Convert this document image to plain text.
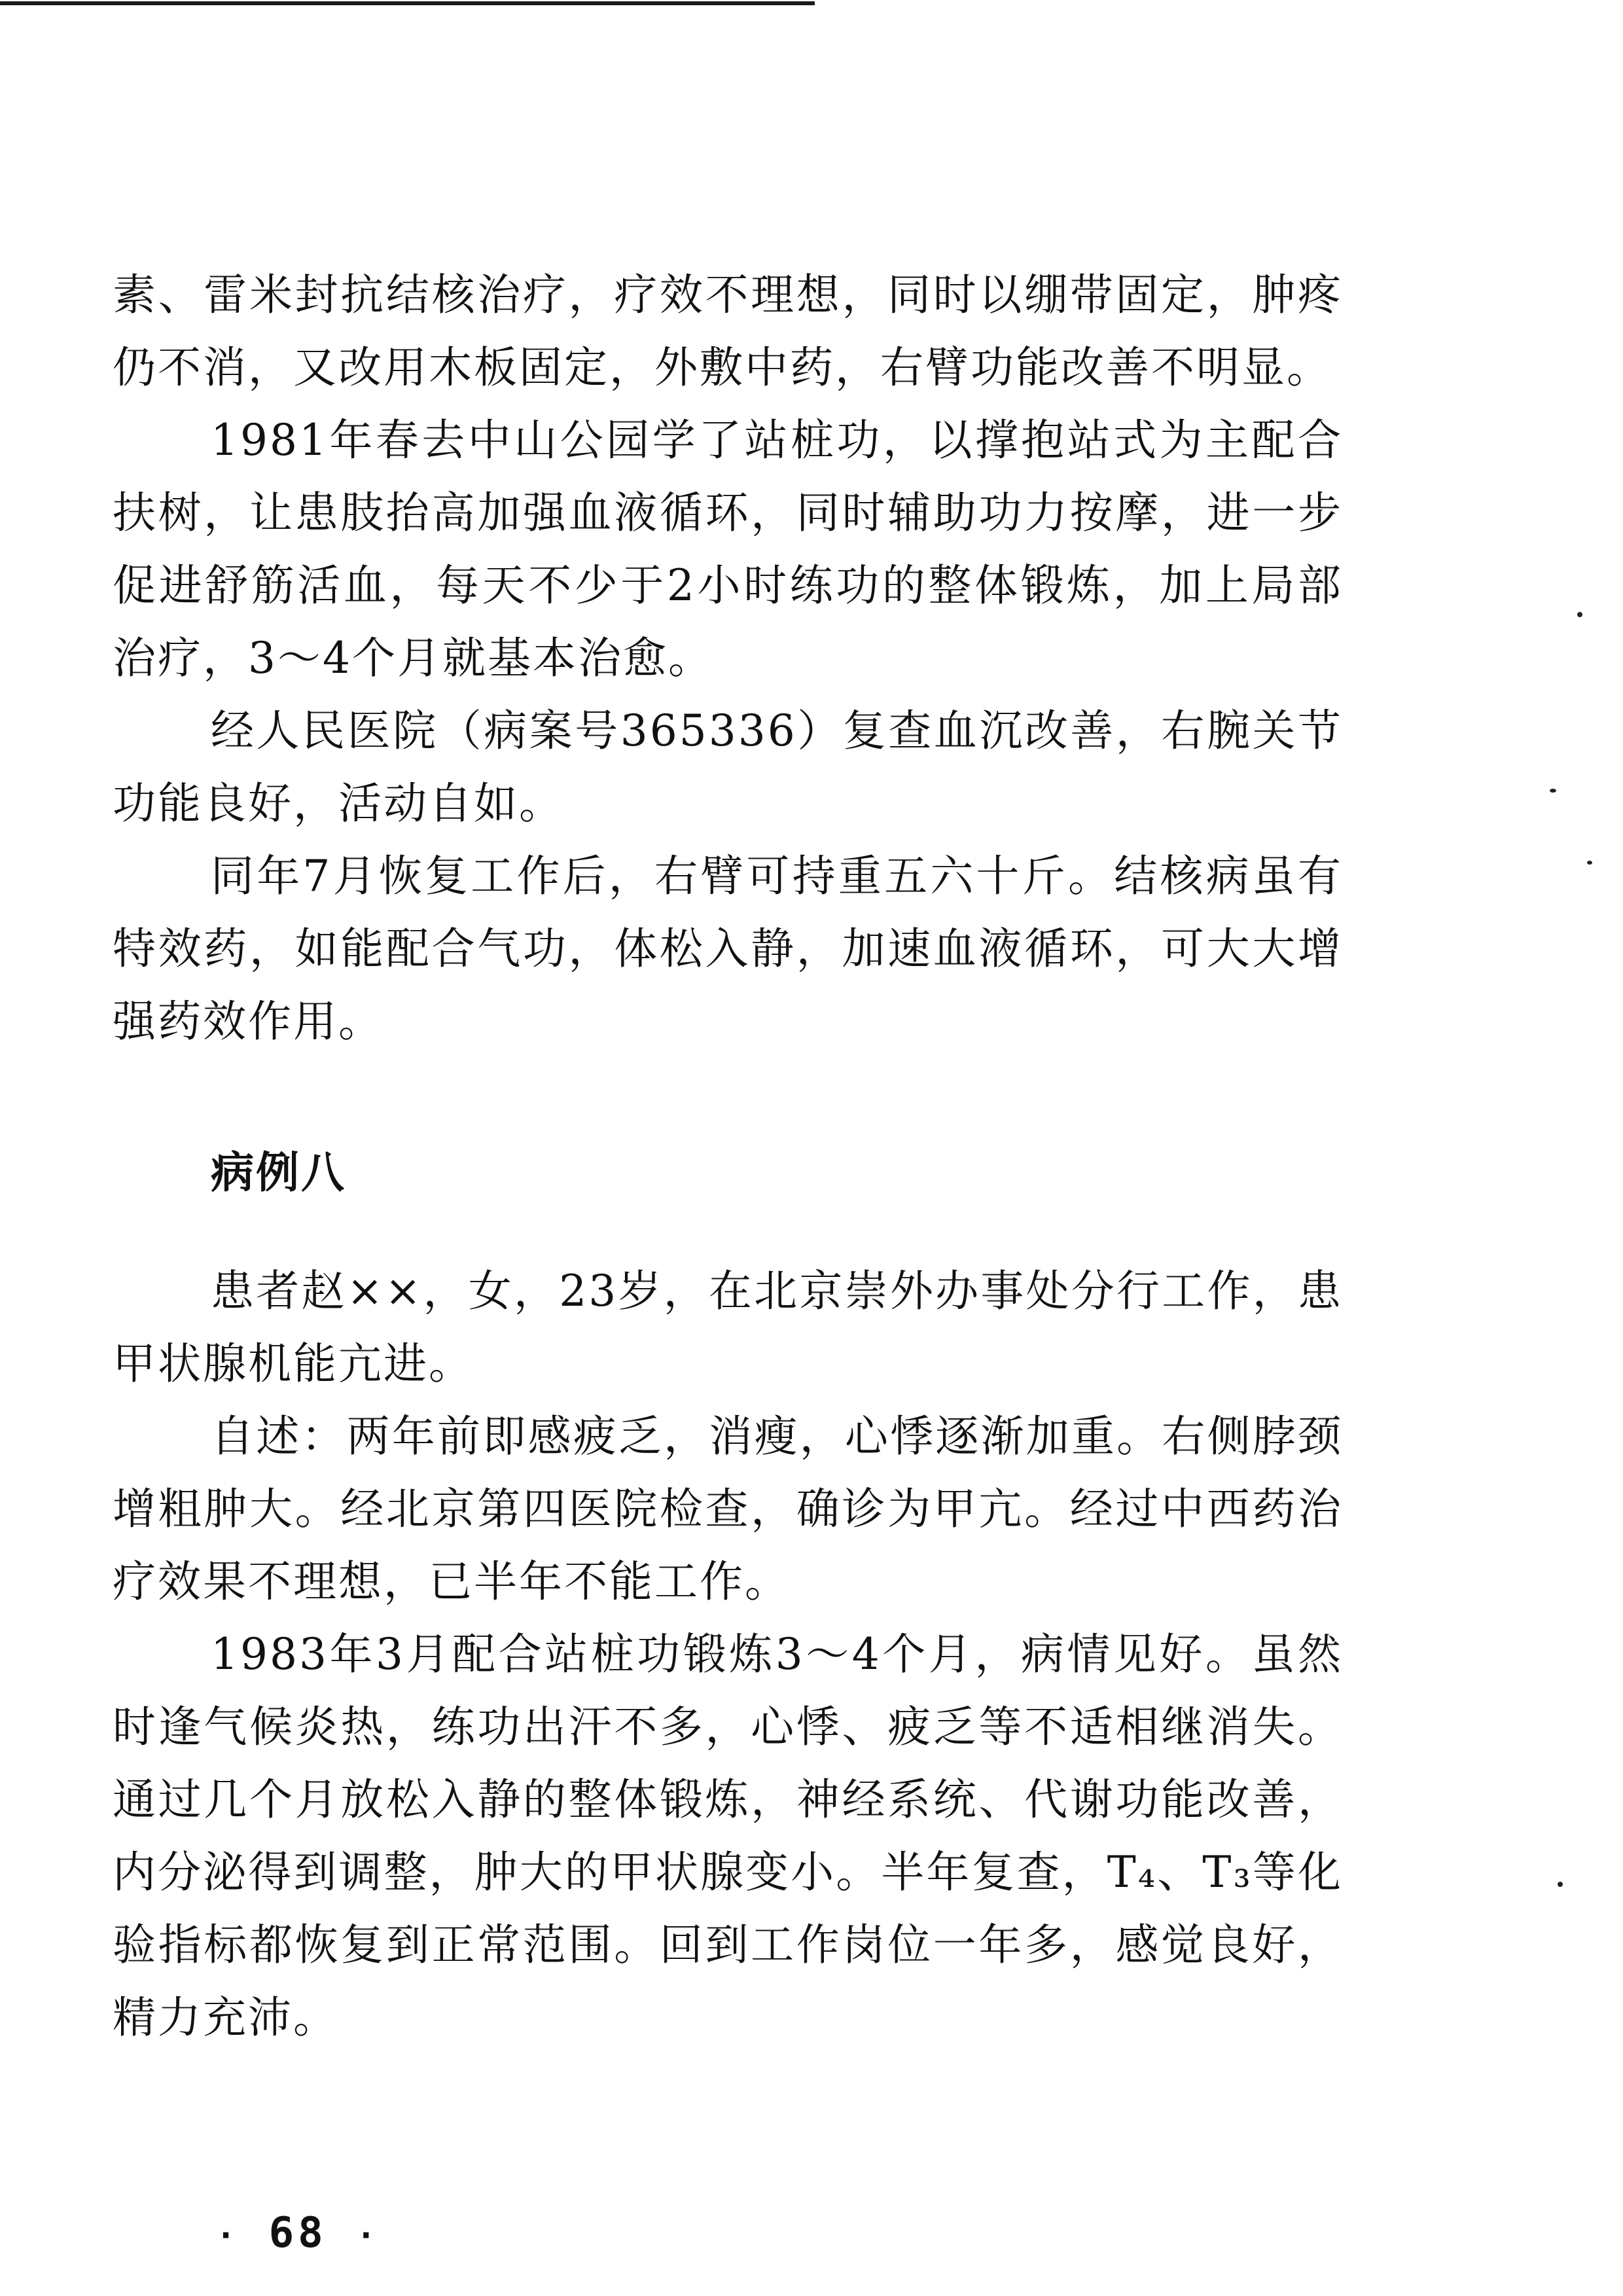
素、雷米封抗结核治疗，疗效不理想，同时以绷带固定，肿疼仍不消，又改用木板固定，外敷中药，右臂功能改善不明显。

1981年春去中山公园学了站桩功，以撑抱站式为主配合扶树，让患肢抬高加强血液循环，同时辅助功力按摩，进一步促进舒筋活血，每天不少于2小时练功的整体锻炼，加上局部治疗，3～4个月就基本治愈。

经人民医院（病案号365336）复查血沉改善，右腕关节功能良好，活动自如。

同年7月恢复工作后，右臂可持重五六十斤。结核病虽有特效药，如能配合气功，体松入静，加速血液循环，可大大增强药效作用。

病例八

患者赵××，女，23岁，在北京崇外办事处分行工作，患甲状腺机能亢进。

自述：两年前即感疲乏，消瘦，心悸逐渐加重。右侧脖颈增粗肿大。经北京第四医院检查，确诊为甲亢。经过中西药治疗效果不理想，已半年不能工作。

1983年3月配合站桩功锻炼3～4个月，病情见好。虽然时逢气候炎热，练功出汗不多，心悸、疲乏等不适相继消失。通过几个月放松入静的整体锻炼，神经系统、代谢功能改善，内分泌得到调整，肿大的甲状腺变小。半年复查，T₄、T₃等化验指标都恢复到正常范围。回到工作岗位一年多，感觉良好，精力充沛。

· 68 ·
